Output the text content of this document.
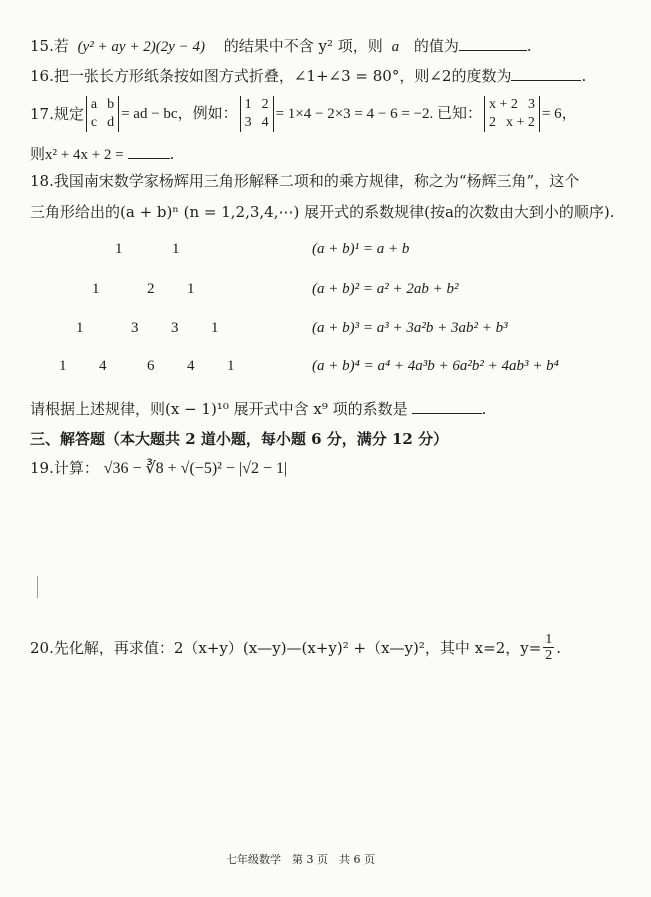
15.若 (y² + ay + 2)(2y − 4) 的结果中不含 y² 项，则 a 的值为	.
16.把一张长方形纸条按如图方式折叠，∠1+∠3 = 80°，则∠2的度数为	.
17. 规定
a b
c d
= ad − bc，例如：
1 2
3 4
= 1×4 − 2×3 = 4 − 6 = −2. 已知：
x + 2 3
2 x + 2
= 6，
则x² + 4x + 2 =	.
18.我国南宋数学家杨辉用三角形解释二项和的乘方规律，称之为“杨辉三角”，这个
三角形给出的(a + b)ⁿ (n = 1,2,3,4,⋯) 展开式的系数规律(按a的次数由大到小的顺序).
1	1
1	2 1
1	3 3 1
1 4	6 4 1
(a + b)¹ = a + b
(a + b)² = a² + 2ab + b²
(a + b)³ = a³ + 3a²b + 3ab² + b³
(a + b)⁴ = a⁴ + 4a³b + 6a²b² + 4ab³ + b⁴
请根据上述规律，则(x − 1)¹⁰ 展开式中含 x⁹ 项的系数是	.
三、解答题（本大题共 2 道小题，每小题 6 分，满分 12 分）
19.计算： √36 − ∛8 + √(−5)² − |√2 − 1|
20. 先化解，再求值：2（x+y）(x—y)—(x+y)² +（x—y)²，其中 x=2，$y= \frac{1}{2}$ .
七年级数学　第 3 页　共 6 页
